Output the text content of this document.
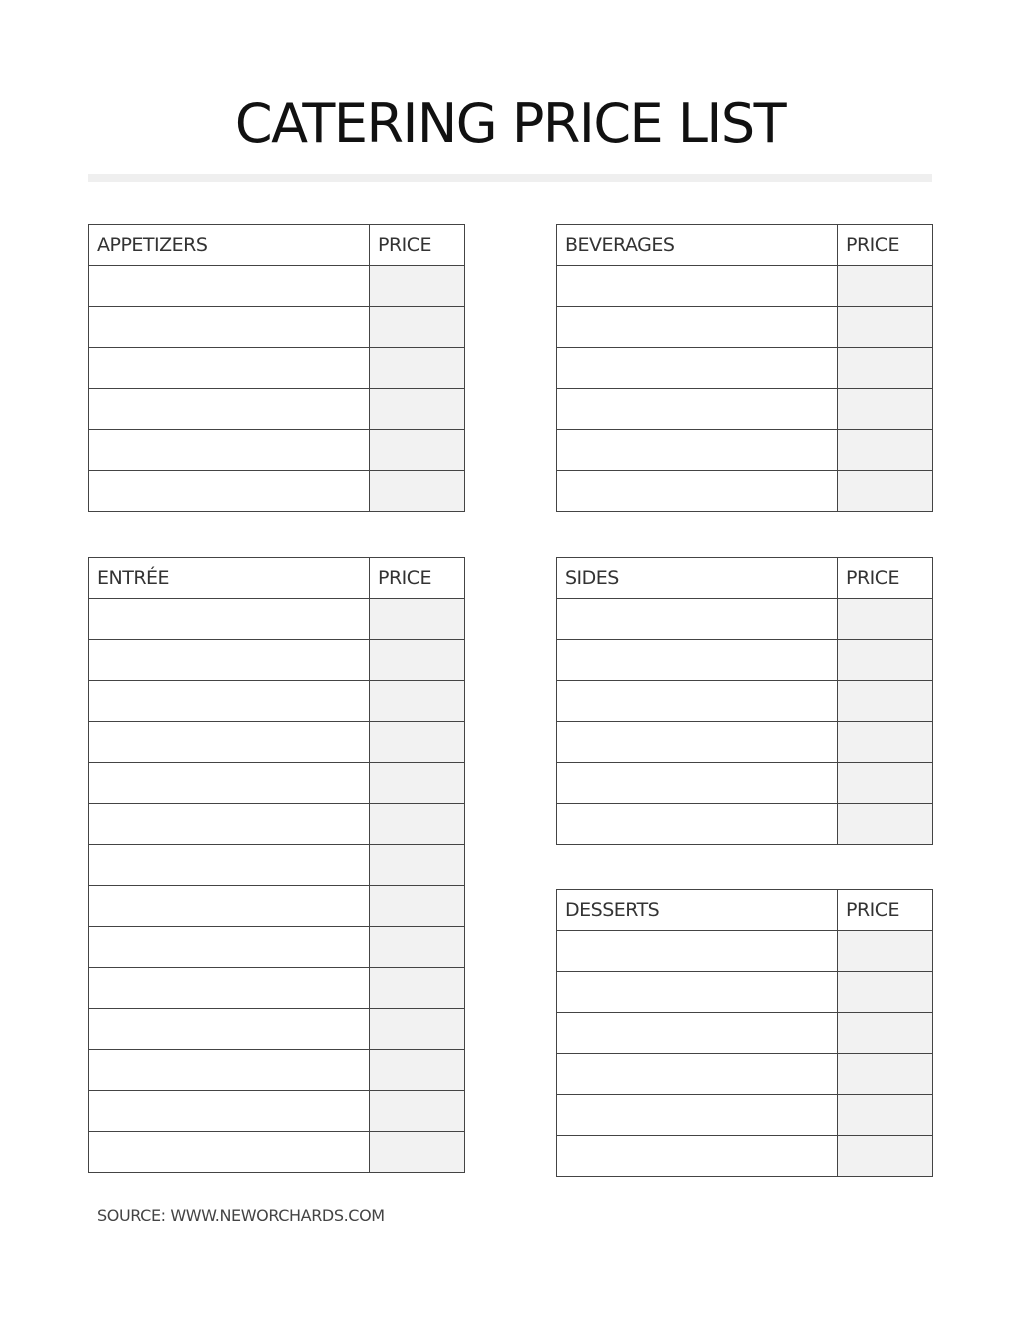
CATERING PRICE LIST
APPETIZERS	PRICE

		BEVERAGES	PRICE

ENTRÉE	PRICE

		SIDES	PRICE

DESSERTS	PRICE

SOURCE: WWW.NEWORCHARDS.COM
